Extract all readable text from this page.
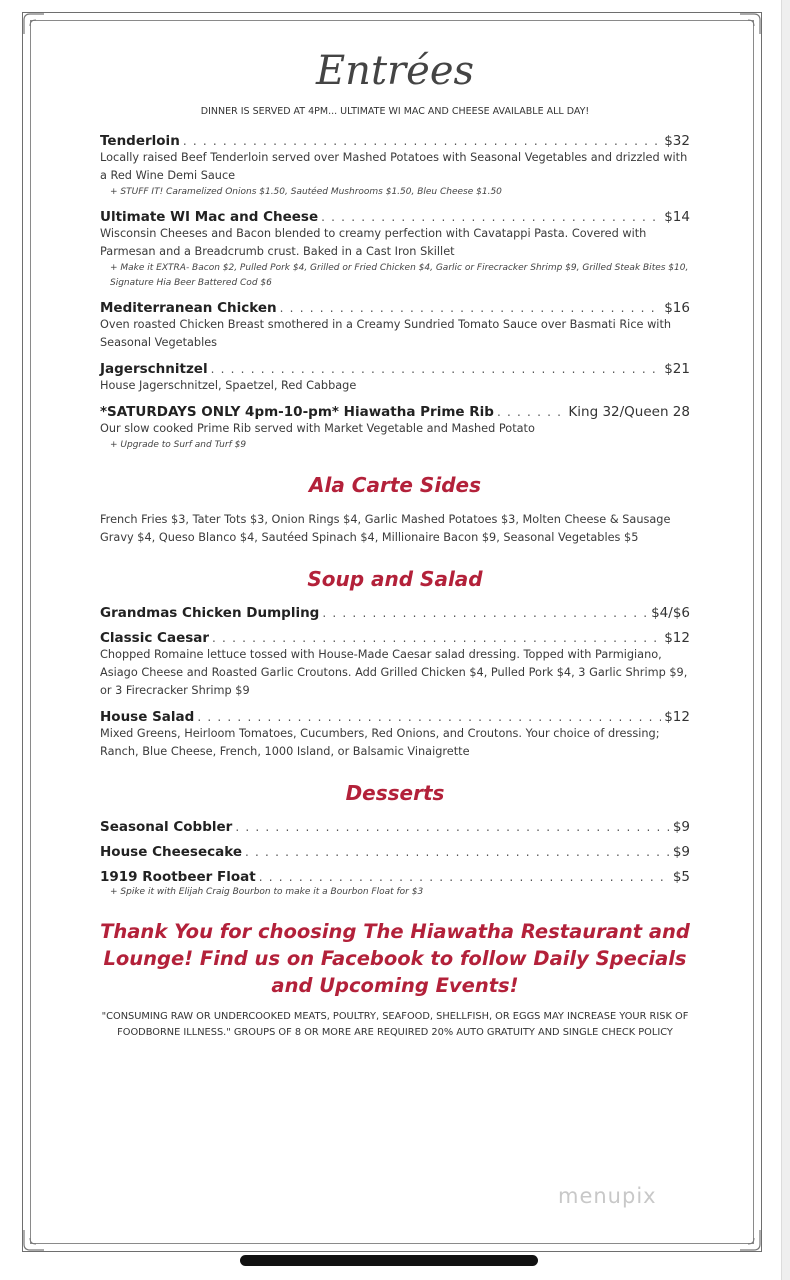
Entrées
DINNER IS SERVED AT 4PM... ULTIMATE WI MAC AND CHEESE AVAILABLE ALL DAY!
Tenderloin . . .	$32
Locally raised Beef Tenderloin served over Mashed Potatoes with Seasonal Vegetables and drizzled with a Red Wine Demi Sauce
+ STUFF IT! Caramelized Onions $1.50, Sautéed Mushrooms $1.50, Bleu Cheese $1.50
Ultimate WI Mac and Cheese . . .	$14
Wisconsin Cheeses and Bacon blended to creamy perfection with Cavatappi Pasta. Covered with Parmesan and a Breadcrumb crust. Baked in a Cast Iron Skillet
+ Make it EXTRA- Bacon $2, Pulled Pork $4, Grilled or Fried Chicken $4, Garlic or Firecracker Shrimp $9, Grilled Steak Bites $10, Signature Hia Beer Battered Cod $6
Mediterranean Chicken . . .	$16
Oven roasted Chicken Breast smothered in a Creamy Sundried Tomato Sauce over Basmati Rice with Seasonal Vegetables
Jagerschnitzel . . .	$21
House Jagerschnitzel, Spaetzel, Red Cabbage
*SATURDAYS ONLY 4pm-10-pm* Hiawatha Prime Rib . . .	King 32/Queen 28
Our slow cooked Prime Rib served with Market Vegetable and Mashed Potato
+ Upgrade to Surf and Turf $9
Ala Carte Sides
French Fries $3, Tater Tots $3, Onion Rings $4, Garlic Mashed Potatoes $3, Molten Cheese & Sausage Gravy $4, Queso Blanco $4, Sautéed Spinach $4, Millionaire Bacon $9, Seasonal Vegetables $5
Soup and Salad
Grandmas Chicken Dumpling . . .	$4/$6
Classic Caesar . . .	$12
Chopped Romaine lettuce tossed with House-Made Caesar salad dressing. Topped with Parmigiano, Asiago Cheese and Roasted Garlic Croutons. Add Grilled Chicken $4, Pulled Pork $4, 3 Garlic Shrimp $9, or 3 Firecracker Shrimp $9
House Salad . . .	$12
Mixed Greens, Heirloom Tomatoes, Cucumbers, Red Onions, and Croutons. Your choice of dressing; Ranch, Blue Cheese, French, 1000 Island, or Balsamic Vinaigrette
Desserts
Seasonal Cobbler . . .	$9
House Cheesecake . . .	$9
1919 Rootbeer Float . . .	$5
+ Spike it with Elijah Craig Bourbon to make it a Bourbon Float for $3
Thank You for choosing The Hiawatha Restaurant and Lounge! Find us on Facebook to follow Daily Specials and Upcoming Events!
"CONSUMING RAW OR UNDERCOOKED MEATS, POULTRY, SEAFOOD, SHELLFISH, OR EGGS MAY INCREASE YOUR RISK OF FOODBORNE ILLNESS." GROUPS OF 8 OR MORE ARE REQUIRED 20% AUTO GRATUITY AND SINGLE CHECK POLICY
menupix
